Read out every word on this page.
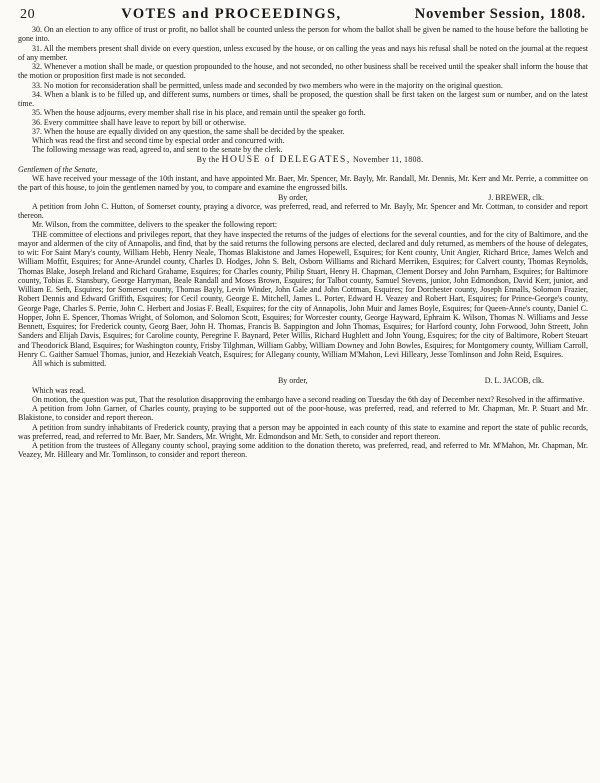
20	VOTES and PROCEEDINGS,	November Session, 1808.

30. On an election to any office of trust or profit, no ballot shall be counted unless the person for whom the ballot shall be given be named to the house before the balloting be gone into.

31. All the members present shall divide on every question, unless excused by the house, or on calling the yeas and nays his refusal shall be noted on the journal at the request of any member.

32. Whenever a motion shall be made, or question propounded to the house, and not seconded, no other business shall be received until the speaker shall inform the house that the motion or proposition first made is not seconded.

33. No motion for reconsideration shall be permitted, unless made and seconded by two members who were in the majority on the original question.

34. When a blank is to be filled up, and different sums, numbers or times, shall be proposed, the question shall be first taken on the largest sum or number, and on the latest time.

35. When the house adjourns, every member shall rise in his place, and remain until the speaker go forth.

36. Every committee shall have leave to report by bill or otherwise.

37. When the house are equally divided on any question, the same shall be decided by the speaker.

Which was read the first and second time by especial order and concurred with.

The following message was read, agreed to, and sent to the senate by the clerk.

By the HOUSE of DELEGATES, November 11, 1808.

Gentlemen of the Senate,

WE have received your message of the 10th instant, and have appointed Mr. Baer, Mr. Spencer, Mr. Bayly, Mr. Randall, Mr. Dennis, Mr. Kerr and Mr. Perrie, a committee on the part of this house, to join the gentlemen named by you, to compare and examine the engrossed bills.

By order,	J. BREWER, clk.

A petition from John C. Hutton, of Somerset county, praying a divorce, was preferred, read, and referred to Mr. Bayly, Mr. Spencer and Mr. Cottman, to consider and report thereon.

Mr. Wilson, from the committee, delivers to the speaker the following report:

THE committee of elections and privileges report, that they have inspected the returns of the judges of elections for the several counties, and for the city of Baltimore, and the mayor and aldermen of the city of Annapolis, and find, that by the said returns the following persons are elected, declared and duly returned, as members of the house of delegates, to wit: For Saint Mary's county, William Hebb, Henry Neale, Thomas Blakistone and James Hopewell, Esquires; for Kent county, Unit Angier, Richard Brice, James Welch and William Moffit, Esquires; for Anne-Arundel county, Charles D. Hodges, John S. Belt, Osborn Williams and Richard Merriken, Esquires; for Calvert county, Thomas Reynolds, Thomas Blake, Joseph Ireland and Richard Grahame, Esquires; for Charles county, Philip Stuart, Henry H. Chapman, Clement Dorsey and John Parnham, Esquires; for Baltimore county, Tobias E. Stansbury, George Harryman, Beale Randall and Moses Brown, Esquires; for Talbot county, Samuel Stevens, junior, John Edmondson, David Kerr, junior, and William E. Seth, Esquires; for Somerset county, Thomas Bayly, Levin Winder, John Gale and John Cottman, Esquires; for Dorchester county, Joseph Ennalls, Solomon Frazier, Robert Dennis and Edward Griffith, Esquires; for Cecil county, George E. Mitchell, James L. Porter, Edward H. Veazey and Robert Hart, Esquires; for Prince-George's county, George Page, Charles S. Perrie, John C. Herbert and Josias F. Beall, Esquires; for the city of Annapolis, John Muir and James Boyle, Esquires; for Queen-Anne's county, Daniel C. Hopper, John E. Spencer, Thomas Wright, of Solomon, and Solomon Scott, Esquires; for Worcester county, George Hayward, Ephraim K. Wilson, Thomas N. Williams and Jesse Bennett, Esquires; for Frederick county, Georg Baer, John H. Thomas, Francis B. Sappington and John Thomas, Esquires; for Harford county, John Forwood, John Streett, John Sanders and Elijah Davis, Esquires; for Caroline county, Peregrine F. Baynard, Peter Willis, Richard Hughlett and John Young, Esquires; for the city of Baltimore, Robert Steuart and Theodorick Bland, Esquires; for Washington county, Frisby Tilghman, William Gabby, William Downey and John Bowles, Esquires; for Montgomery county, William Carroll, Henry C. Gaither Samuel Thomas, junior, and Hezekiah Veatch, Esquires; for Allegany county, William M'Mahon, Levi Hilleary, Jesse Tomlinson and John Reid, Esquires.

All which is submitted.

By order,	D. L. JACOB, clk.

Which was read.

On motion, the question was put, That the resolution disapproving the embargo have a second reading on Tuesday the 6th day of December next? Resolved in the affirmative.

A petition from John Garner, of Charles county, praying to be supported out of the poor-house, was preferred, read, and referred to Mr. Chapman, Mr. P. Stuart and Mr. Blakistone, to consider and report thereon.

A petition from sundry inhabitants of Frederick county, praying that a person may be appointed in each county of this state to examine and report the state of public records, was preferred, read, and referred to Mr. Baer, Mr. Sanders, Mr. Wright, Mr. Edmondson and Mr. Seth, to consider and report thereon.

A petition from the trustees of Allegany county school, praying some addition to the donation thereto, was preferred, read, and referred to Mr. M'Mahon, Mr. Chapman, Mr. Veazey, Mr. Hilleary and Mr. Tomlinson, to consider and report thereon.
